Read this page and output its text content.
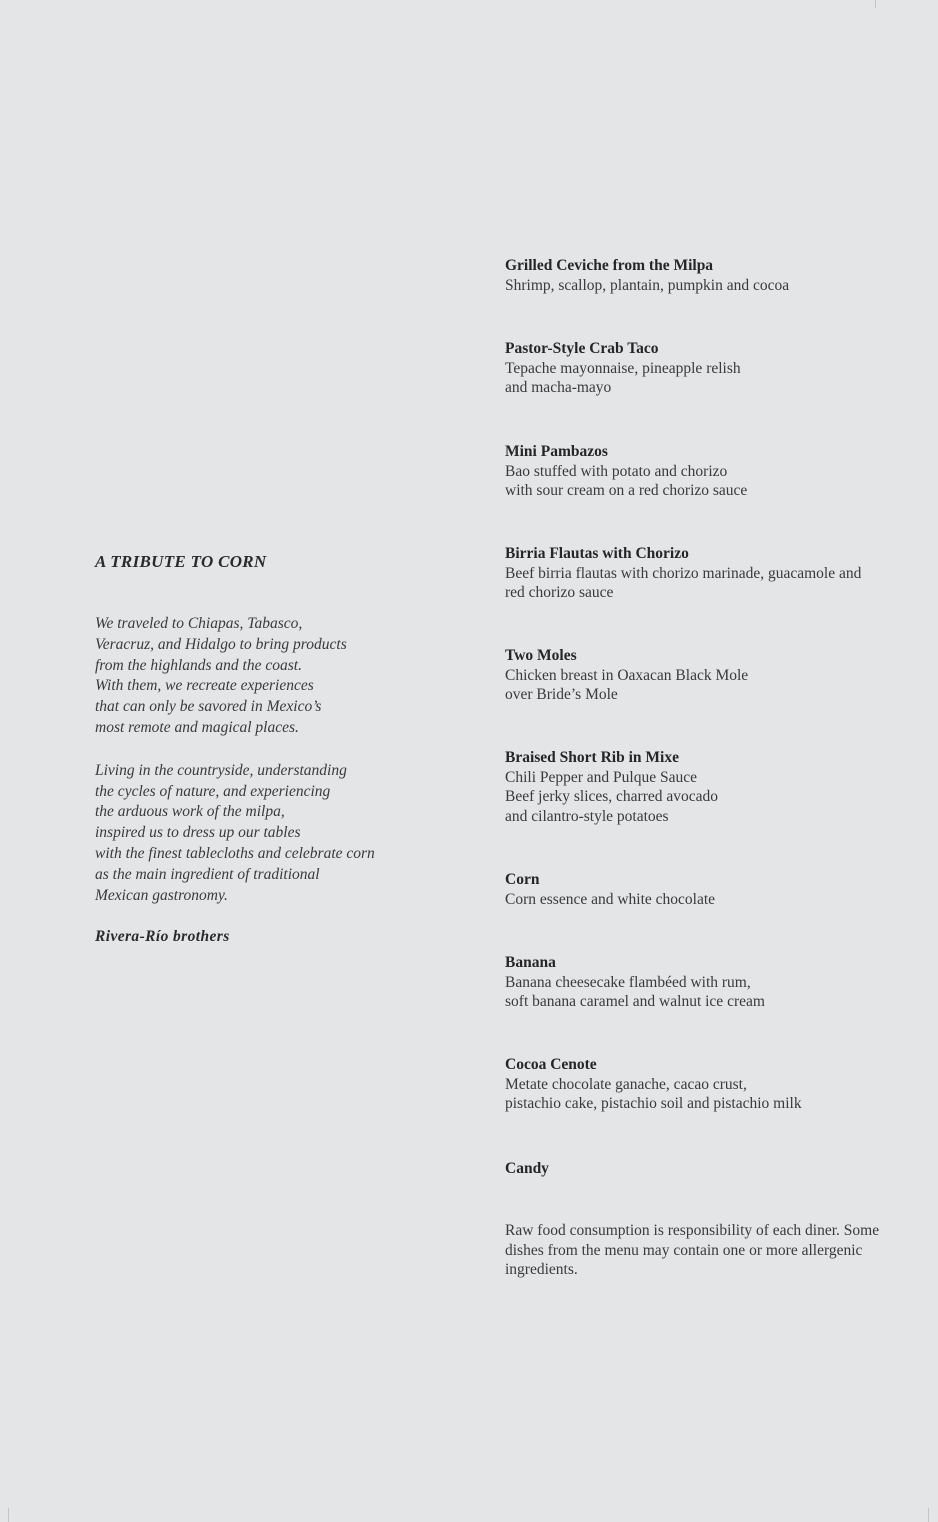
A TRIBUTE TO CORN
We traveled to Chiapas, Tabasco,
Veracruz, and Hidalgo to bring products
from the highlands and the coast.
With them, we recreate experiences
that can only be savored in Mexico’s
most remote and magical places.
Living in the countryside, understanding
the cycles of nature, and experiencing
the arduous work of the milpa,
inspired us to dress up our tables
with the finest tablecloths and celebrate corn
as the main ingredient of traditional
Mexican gastronomy.
Rivera-Río brothers
Grilled Ceviche from the Milpa
Shrimp, scallop, plantain, pumpkin and cocoa
Pastor-Style Crab Taco
Tepache mayonnaise, pineapple relish
and macha-mayo
Mini Pambazos
Bao stuffed with potato and chorizo
with sour cream on a red chorizo sauce
Birria Flautas with Chorizo
Beef birria flautas with chorizo marinade, guacamole and
red chorizo sauce
Two Moles
Chicken breast in Oaxacan Black Mole
over Bride’s Mole
Braised Short Rib in Mixe
Chili Pepper and Pulque Sauce
Beef jerky slices, charred avocado
and cilantro-style potatoes
Corn
Corn essence and white chocolate
Banana
Banana cheesecake flambéed with rum,
soft banana caramel and walnut ice cream
Cocoa Cenote
Metate chocolate ganache, cacao crust,
pistachio cake, pistachio soil and pistachio milk
Candy
Raw food consumption is responsibility of each diner. Some
dishes from the menu may contain one or more allergenic
ingredients.
